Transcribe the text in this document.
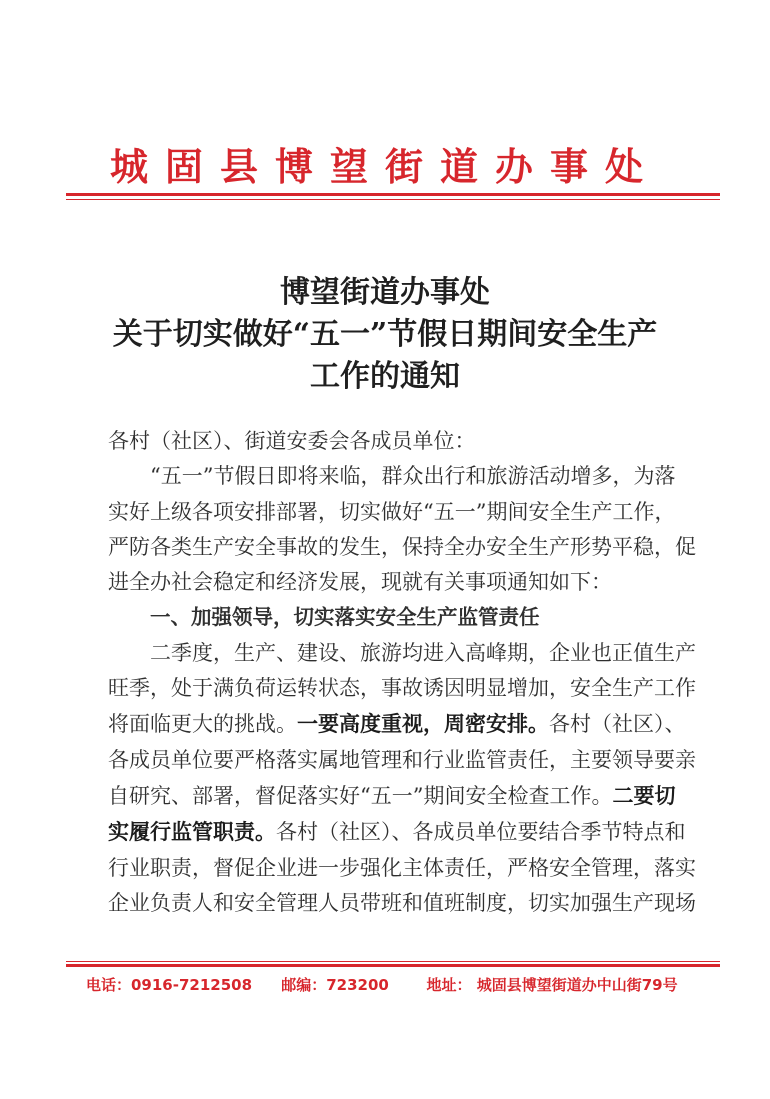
城固县博望街道办事处
博望街道办事处
关于切实做好“五一”节假日期间安全生产
工作的通知

各村（社区）、街道安委会各成员单位：

“五一”节假日即将来临，群众出行和旅游活动增多，为落

实好上级各项安排部署，切实做好“五一”期间安全生产工作，

严防各类生产安全事故的发生，保持全办安全生产形势平稳，促

进全办社会稳定和经济发展，现就有关事项通知如下：

一、加强领导，切实落实安全生产监管责任

二季度，生产、建设、旅游均进入高峰期，企业也正值生产

旺季，处于满负荷运转状态，事故诱因明显增加，安全生产工作

将面临更大的挑战。一要高度重视，周密安排。各村（社区）、

各成员单位要严格落实属地管理和行业监管责任，主要领导要亲

自研究、部署，督促落实好“五一”期间安全检查工作。二要切

实履行监管职责。各村（社区）、各成员单位要结合季节特点和

行业职责，督促企业进一步强化主体责任，严格安全管理，落实

企业负责人和安全管理人员带班和值班制度，切实加强生产现场

电话：0916-7212508 邮编：723200	地址： 城固县博望街道办中山街79号
